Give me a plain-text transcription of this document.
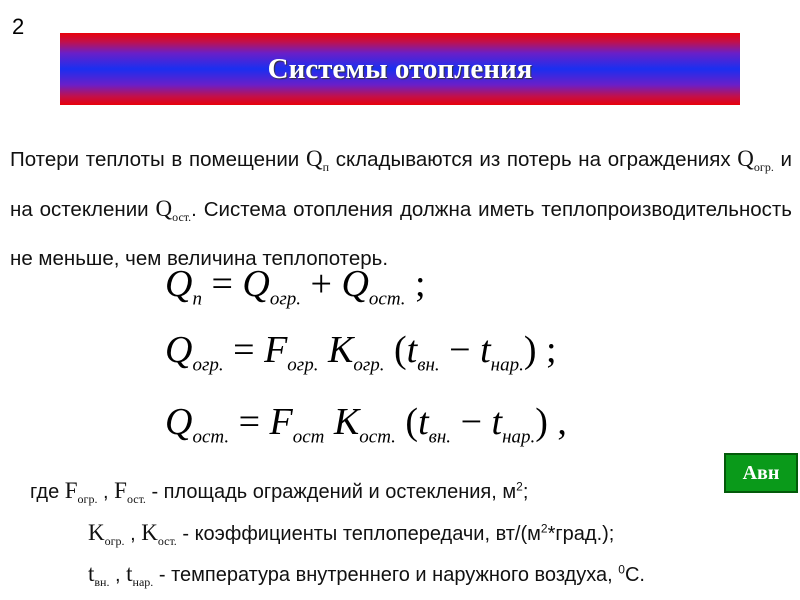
2
Системы отопления
Потери теплоты в помещении $Q_п$ складываются из потерь на ограждениях $Q_{огр.}$ и на остеклении $Q_{ост.}$. Система отопления должна иметь теплопроизводительность не меньше, чем величина теплопотерь.
$Q_п = Q_{огр.} + Q_{ост.}$ ;
$Q_{огр.} = F_{огр.}$ $K_{огр.}$ $(t_{вн.} - t_{нар.})$ ;
$Q_{ост.} = F_{ост}$ $K_{ост.}$ $(t_{вн.} - t_{нар.})$ ,
Авн
где $F_{огр.}$ , $F_{ост.}$ - площадь ограждений и остекления, $м^2$;
$K_{огр.}$ , $K_{ост.}$ - коэффициенты теплопередачи, $вт/(м^2*град.)$;
$t_{вн.}$ , $t_{нар.}$ - температура внутреннего и наружного воздуха, $^0$С.
